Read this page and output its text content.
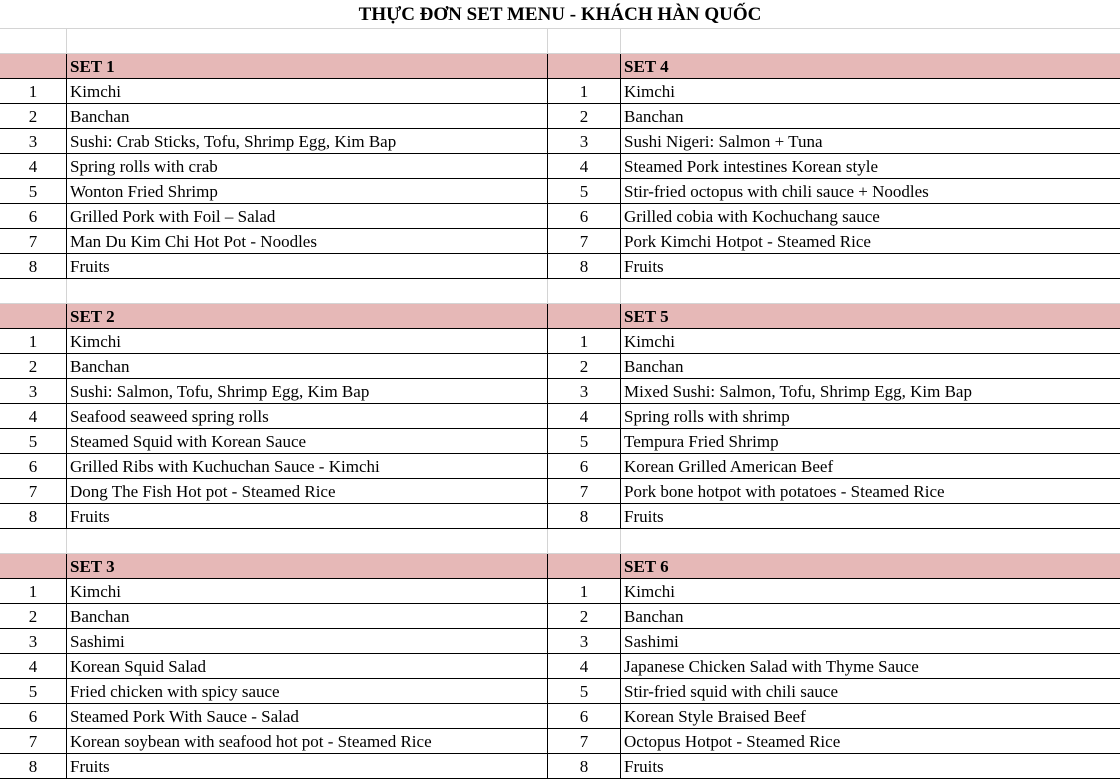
THỰC ĐƠN SET MENU - KHÁCH HÀN QUỐC
SET 1	SET 4
1	Kimchi	1	Kimchi
2	Banchan	2	Banchan
3	Sushi: Crab Sticks, Tofu, Shrimp Egg, Kim Bap	3	Sushi Nigeri: Salmon + Tuna
4	Spring rolls with crab	4	Steamed Pork intestines Korean style
5	Wonton Fried Shrimp	5	Stir-fried octopus with chili sauce + Noodles
6	Grilled Pork with Foil – Salad	6	Grilled cobia with Kochuchang sauce
7	Man Du Kim Chi Hot Pot - Noodles	7	Pork Kimchi Hotpot - Steamed Rice
8	Fruits	8	Fruits
SET 2	SET 5
1	Kimchi	1	Kimchi
2	Banchan	2	Banchan
3	Sushi: Salmon, Tofu, Shrimp Egg, Kim Bap	3	Mixed Sushi: Salmon, Tofu, Shrimp Egg, Kim Bap
4	Seafood seaweed spring rolls	4	Spring rolls with shrimp
5	Steamed Squid with Korean Sauce	5	Tempura Fried Shrimp
6	Grilled Ribs with Kuchuchan Sauce - Kimchi	6	Korean Grilled American Beef
7	Dong The Fish Hot pot - Steamed Rice	7	Pork bone hotpot with potatoes - Steamed Rice
8	Fruits	8	Fruits
SET 3	SET 6
1	Kimchi	1	Kimchi
2	Banchan	2	Banchan
3	Sashimi	3	Sashimi
4	Korean Squid Salad	4	Japanese Chicken Salad with Thyme Sauce
5	Fried chicken with spicy sauce	5	Stir-fried squid with chili sauce
6	Steamed Pork With Sauce - Salad	6	Korean Style Braised Beef
7	Korean soybean with seafood hot pot - Steamed Rice	7	Octopus Hotpot - Steamed Rice
8	Fruits	8	Fruits
